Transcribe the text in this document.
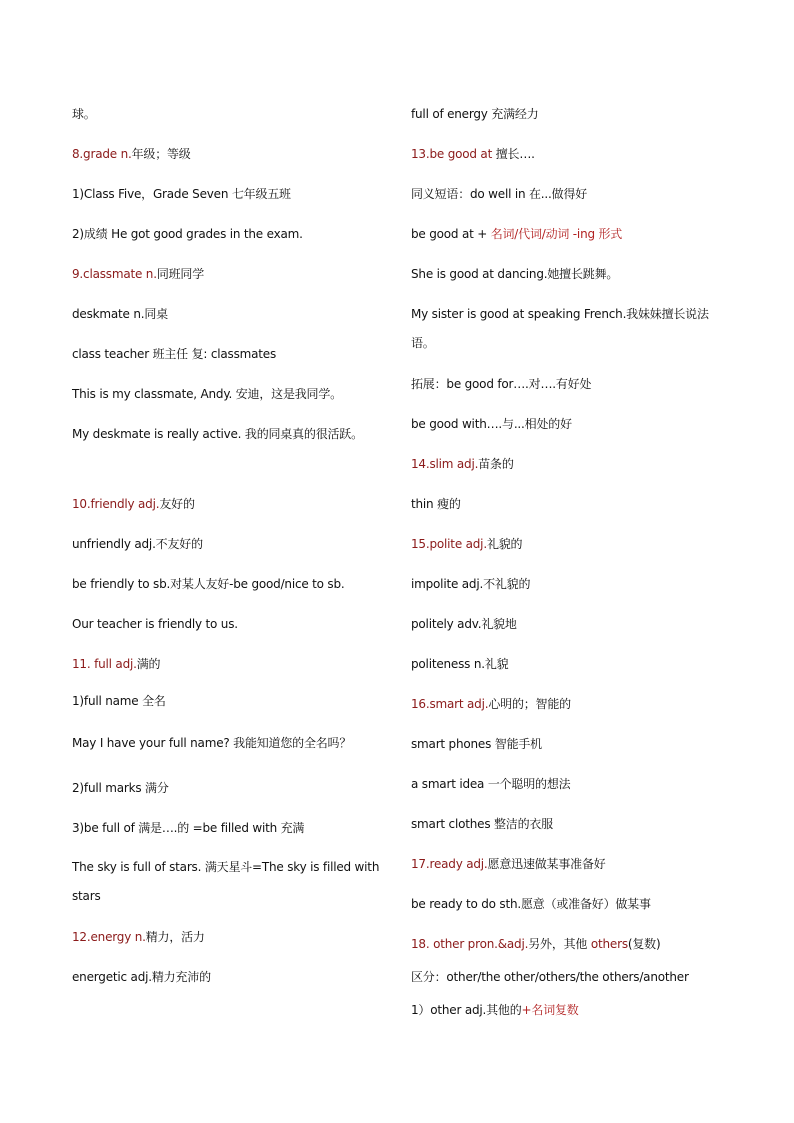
球。
8.grade n.年级；等级
1)Class Five，Grade Seven 七年级五班
2)成绩 He got good grades in the exam.
9.classmate n.同班同学
deskmate n.同桌
class teacher 班主任 复: classmates
This is my classmate, Andy. 安迪，这是我同学。
My deskmate is really active. 我的同桌真的很活跃。
10.friendly adj.友好的
unfriendly adj.不友好的
be friendly to sb.对某人友好-be good/nice to sb.
Our teacher is friendly to us.
11. full adj.满的
1)full name 全名
May I have your full name? 我能知道您的全名吗？
2)full marks 满分
3)be full of 满是….的 =be filled with 充满
The sky is full of stars. 满天星斗=The sky is filled with stars
12.energy n.精力，活力
energetic adj.精力充沛的
full of energy 充满经力
13.be good at 擅长….
同义短语：do well in 在...做得好
be good at + 名词/代词/动词 -ing 形式
She is good at dancing.她擅长跳舞。
My sister is good at speaking French.我妹妹擅长说法语。
拓展：be good for….对….有好处
be good with….与...相处的好
14.slim adj.苗条的
thin 瘦的
15.polite adj.礼貌的
impolite adj.不礼貌的
politely adv.礼貌地
politeness n.礼貌
16.smart adj.心明的；智能的
smart phones 智能手机
a smart idea 一个聪明的想法
smart clothes 整洁的衣服
17.ready adj.愿意迅速做某事准备好
be ready to do sth.愿意（或准备好）做某事
18. other pron.&adj.另外，其他 others(复数)
区分：other/the other/others/the others/another
1）other adj.其他的+名词复数
